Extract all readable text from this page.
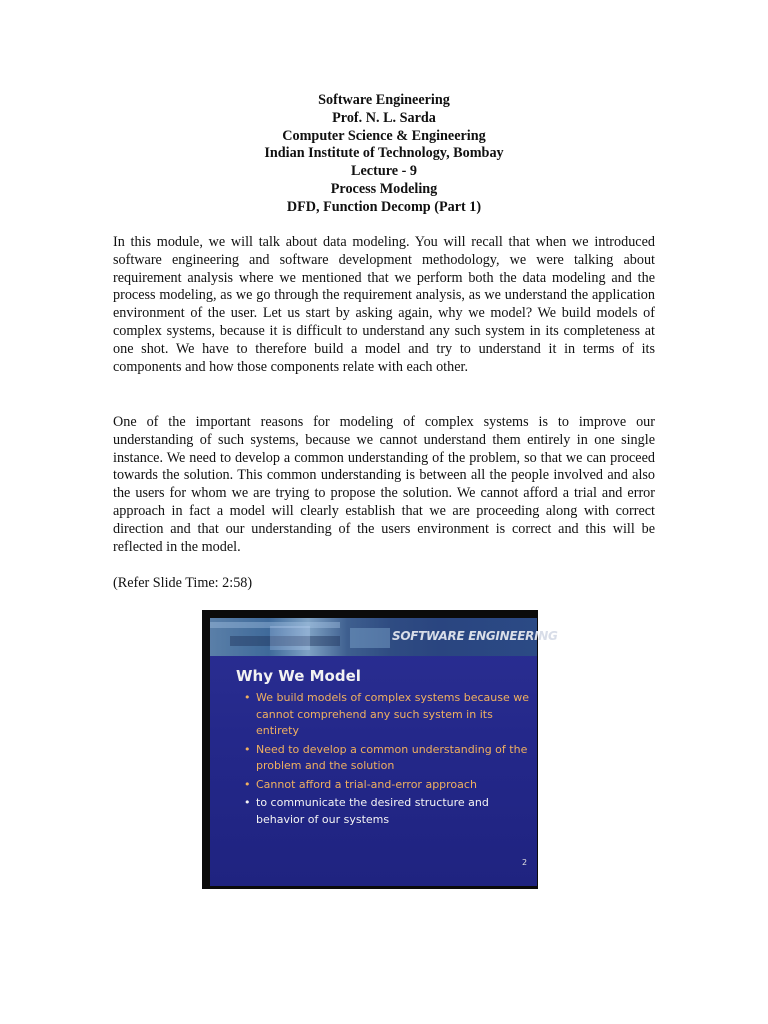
Software Engineering
Prof. N. L. Sarda
Computer Science & Engineering
Indian Institute of Technology, Bombay
Lecture - 9
Process Modeling
DFD, Function Decomp (Part 1)

In this module, we will talk about data modeling. You will recall that when we introduced software engineering and software development methodology, we were talking about requirement analysis where we mentioned that we perform both the data modeling and the process modeling, as we go through the requirement analysis, as we understand the application environment of the user. Let us start by asking again, why we model? We build models of complex systems, because it is difficult to understand any such system in its completeness at one shot. We have to therefore build a model and try to understand it in terms of its components and how those components relate with each other.

One of the important reasons for modeling of complex systems is to improve our understanding of such systems, because we cannot understand them entirely in one single instance. We need to develop a common understanding of the problem, so that we can proceed towards the solution. This common understanding is between all the people involved and also the users for whom we are trying to propose the solution. We cannot afford a trial and error approach in fact a model will clearly establish that we are proceeding along with correct direction and that our understanding of the users environment is correct and this will be reflected in the model.

(Refer Slide Time: 2:58)
SOFTWARE ENGINEERING
Why We Model
• We build models of complex systems because we cannot comprehend any such system in its entirety
• Need to develop a common understanding of the problem and the solution
• Cannot afford a trial-and-error approach
• to communicate the desired structure and behavior of our systems
2
